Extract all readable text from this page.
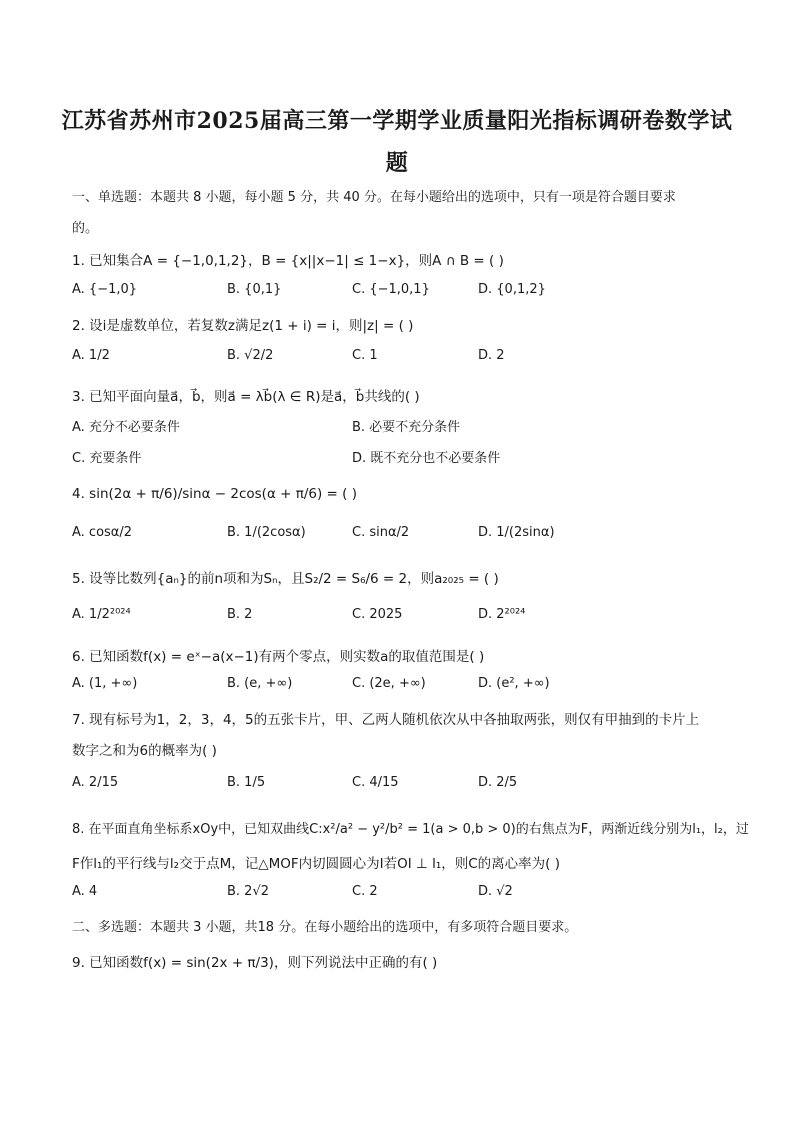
江苏省苏州市2025届高三第一学期学业质量阳光指标调研卷数学试
题
一、单选题：本题共 8 小题，每小题 5 分，共 40 分。在每小题给出的选项中，只有一项是符合题目要求
的。
1. 已知集合A = {−1,0,1,2}，B = {x||x−1| ≤ 1−x}，则A ∩ B = ( )
A. {−1,0}	B. {0,1}	C. {−1,0,1}	D. {0,1,2}
2. 设i是虚数单位，若复数z满足z(1 + i) = i，则|z| = ( )
A. 1/2	B. √2/2	C. 1	D. 2
3. 已知平面向量a⃗，b⃗，则a⃗ = λb⃗(λ ∈ R)是a⃗，b⃗共线的( )
A. 充分不必要条件	B. 必要不充分条件
C. 充要条件	D. 既不充分也不必要条件
4. sin(2α + π/6)/sinα − 2cos(α + π/6) = ( )
A. cosα/2	B. 1/(2cosα)	C. sinα/2	D. 1/(2sinα)
5. 设等比数列{aₙ}的前n项和为Sₙ，且S₂/2 = S₆/6 = 2，则a₂₀₂₅ = ( )
A. 1/2²⁰²⁴	B. 2	C. 2025	D. 2²⁰²⁴
6. 已知函数f(x) = eˣ−a(x−1)有两个零点，则实数a的取值范围是( )
A. (1, +∞)	B. (e, +∞)	C. (2e, +∞)	D. (e², +∞)
7. 现有标号为1，2，3，4，5的五张卡片，甲、乙两人随机依次从中各抽取两张，则仅有甲抽到的卡片上
数字之和为6的概率为( )
A. 2/15	B. 1/5	C. 4/15	D. 2/5
8. 在平面直角坐标系xOy中，已知双曲线C:x²/a² − y²/b² = 1(a > 0,b > 0)的右焦点为F，两渐近线分别为l₁，l₂，过
F作l₁的平行线与l₂交于点M，记△MOF内切圆圆心为I若OI ⊥ l₁，则C的离心率为( )
A. 4	B. 2√2	C. 2	D. √2
二、多选题：本题共 3 小题，共18 分。在每小题给出的选项中，有多项符合题目要求。
9. 已知函数f(x) = sin(2x + π/3)，则下列说法中正确的有( )
